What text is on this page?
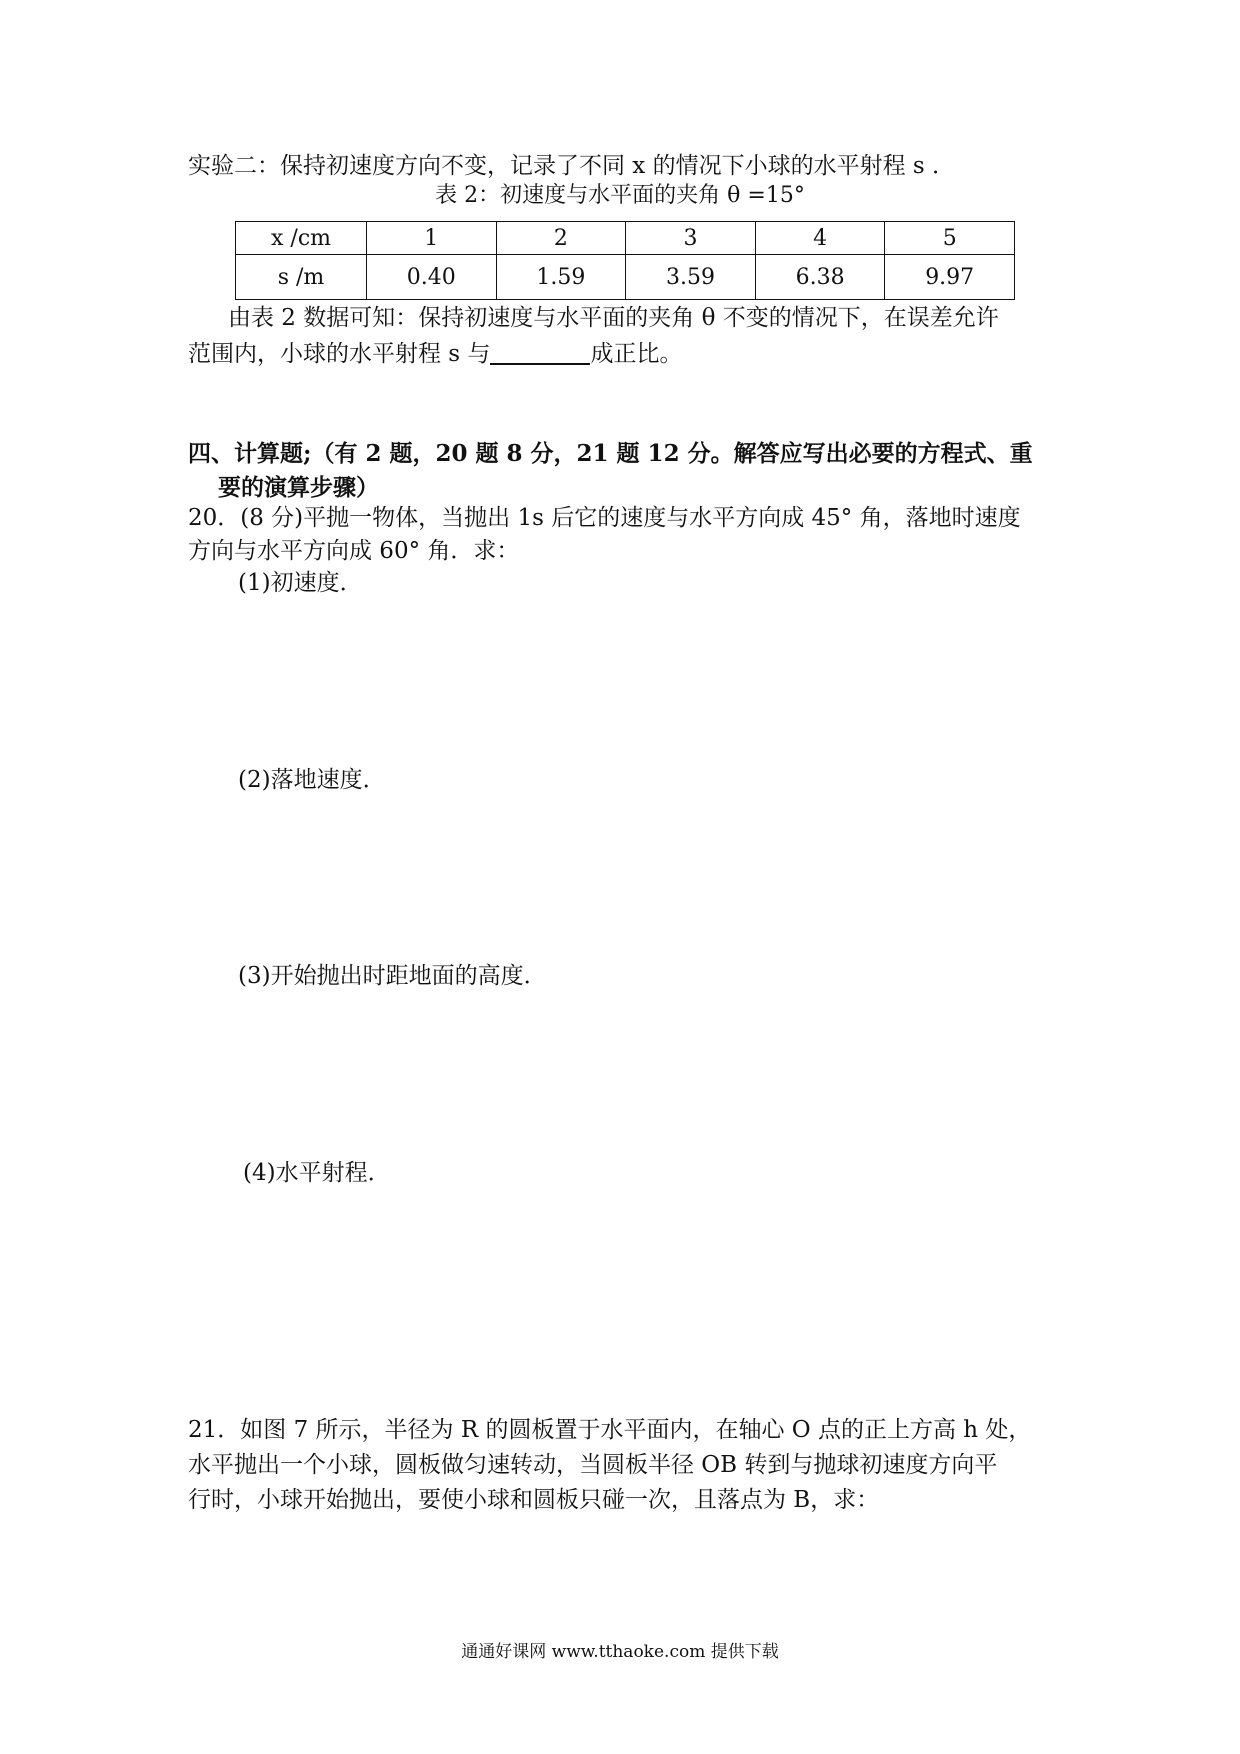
实验二：保持初速度方向不变，记录了不同 x 的情况下小球的水平射程 s ．
表 2：初速度与水平面的夹角 θ =15°
x /cm	1	2	3	4	5
s /m	0.40	1.59	3.59	6.38	9.97
由表 2 数据可知：保持初速度与水平面的夹角 θ 不变的情况下，在误差允许
范围内，小球的水平射程 s 与	成正比。
四、计算题;（有 2 题，20 题 8 分，21 题 12 分。解答应写出必要的方程式、重
要的演算步骤）
20．(8 分)平抛一物体，当抛出 1s 后它的速度与水平方向成 45° 角，落地时速度
方向与水平方向成 60° 角．求：
(1)初速度．
(2)落地速度．
(3)开始抛出时距地面的高度．
(4)水平射程．
21．如图 7 所示，半径为 R 的圆板置于水平面内，在轴心 O 点的正上方高 h 处，
水平抛出一个小球，圆板做匀速转动，当圆板半径 OB 转到与抛球初速度方向平
行时，小球开始抛出，要使小球和圆板只碰一次，且落点为 B，求：
通通好课网 www.tthaoke.com 提供下载
